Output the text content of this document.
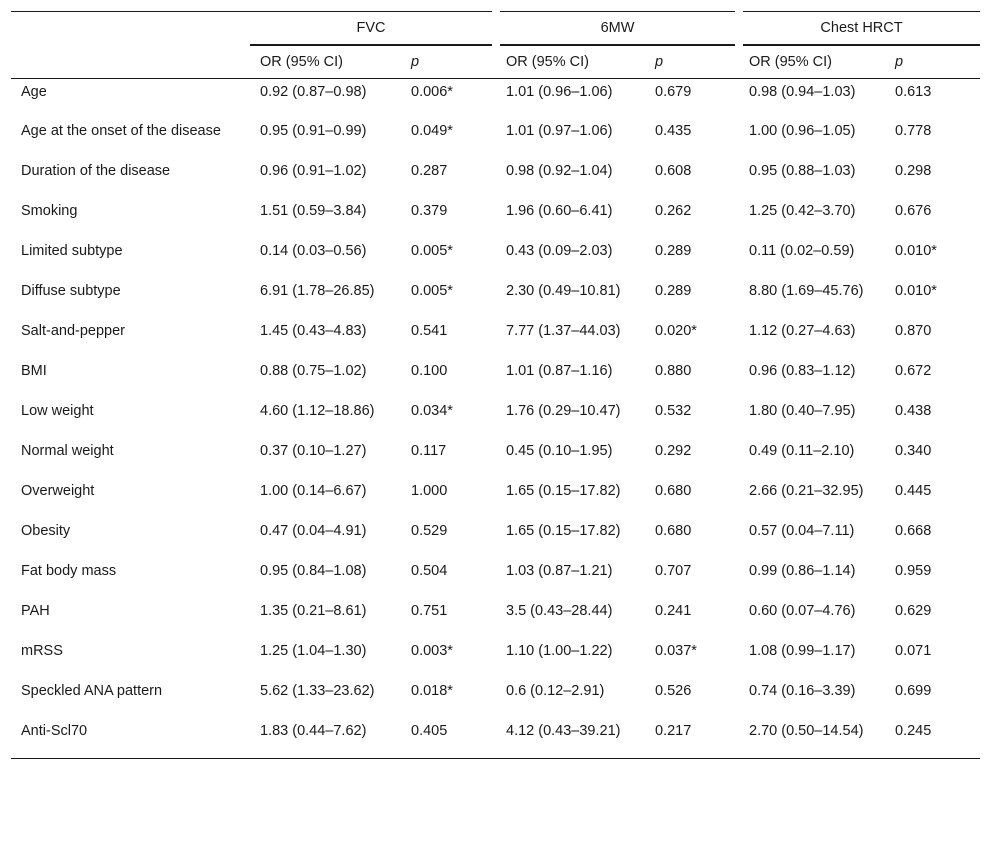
	FVC		6MW		Chest HRCT	
	OR (95% CI)	p	OR (95% CI)	p	OR (95% CI)	p
Age	0.92 (0.87–0.98)	0.006*	1.01 (0.96–1.06)	0.679	0.98 (0.94–1.03)	0.613
Age at the onset of the disease	0.95 (0.91–0.99)	0.049*	1.01 (0.97–1.06)	0.435	1.00 (0.96–1.05)	0.778
Duration of the disease	0.96 (0.91–1.02)	0.287	0.98 (0.92–1.04)	0.608	0.95 (0.88–1.03)	0.298
Smoking	1.51 (0.59–3.84)	0.379	1.96 (0.60–6.41)	0.262	1.25 (0.42–3.70)	0.676
Limited subtype	0.14 (0.03–0.56)	0.005*	0.43 (0.09–2.03)	0.289	0.11 (0.02–0.59)	0.010*
Diffuse subtype	6.91 (1.78–26.85)	0.005*	2.30 (0.49–10.81)	0.289	8.80 (1.69–45.76)	0.010*
Salt-and-pepper	1.45 (0.43–4.83)	0.541	7.77 (1.37–44.03)	0.020*	1.12 (0.27–4.63)	0.870
BMI	0.88 (0.75–1.02)	0.100	1.01 (0.87–1.16)	0.880	0.96 (0.83–1.12)	0.672
Low weight	4.60 (1.12–18.86)	0.034*	1.76 (0.29–10.47)	0.532	1.80 (0.40–7.95)	0.438
Normal weight	0.37 (0.10–1.27)	0.117	0.45 (0.10–1.95)	0.292	0.49 (0.11–2.10)	0.340
Overweight	1.00 (0.14–6.67)	1.000	1.65 (0.15–17.82)	0.680	2.66 (0.21–32.95)	0.445
Obesity	0.47 (0.04–4.91)	0.529	1.65 (0.15–17.82)	0.680	0.57 (0.04–7.11)	0.668
Fat body mass	0.95 (0.84–1.08)	0.504	1.03 (0.87–1.21)	0.707	0.99 (0.86–1.14)	0.959
PAH	1.35 (0.21–8.61)	0.751	3.5 (0.43–28.44)	0.241	0.60 (0.07–4.76)	0.629
mRSS	1.25 (1.04–1.30)	0.003*	1.10 (1.00–1.22)	0.037*	1.08 (0.99–1.17)	0.071
Speckled ANA pattern	5.62 (1.33–23.62)	0.018*	0.6 (0.12–2.91)	0.526	0.74 (0.16–3.39)	0.699
Anti-Scl70	1.83 (0.44–7.62)	0.405	4.12 (0.43–39.21)	0.217	2.70 (0.50–14.54)	0.245
